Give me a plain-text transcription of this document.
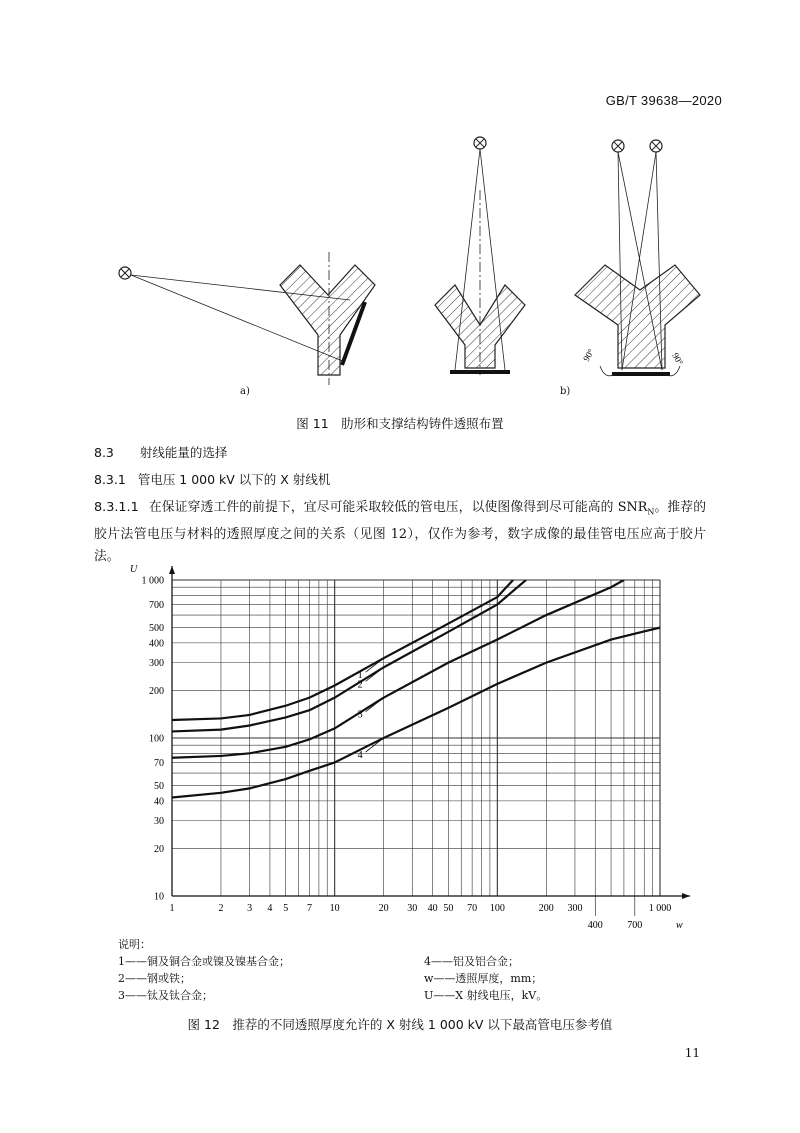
GB/T 39638—2020
90°	90°
a)	b)
图 11　肋形和支撑结构铸件透照布置
8.3 射线能量的选择
8.3.1 管电压 1 000 kV 以下的 X 射线机
8.3.1.1 在保证穿透工件的前提下，宜尽可能采取较低的管电压，以使图像得到尽可能高的 $SNR_N$。推荐的胶片法管电压与材料的透照厚度之间的关系（见图 12），仅作为参考，数字成像的最佳管电压应高于胶片法。
U
w
10
20
30
40
50
70
100
200
300
400
500
700
1 000
1	2 3 4 5 7 10	20 30 40 50 70 100	200 300	1 000
400 700
1
2
3
4
说明：
1——铜及铜合金或镍及镍基合金；
2——钢或铁；
3——钛及钛合金；
4——铝及铝合金；
w——透照厚度，mm；
U——X 射线电压，kV。
图 12　推荐的不同透照厚度允许的 X 射线 1 000 kV 以下最高管电压参考值
11
